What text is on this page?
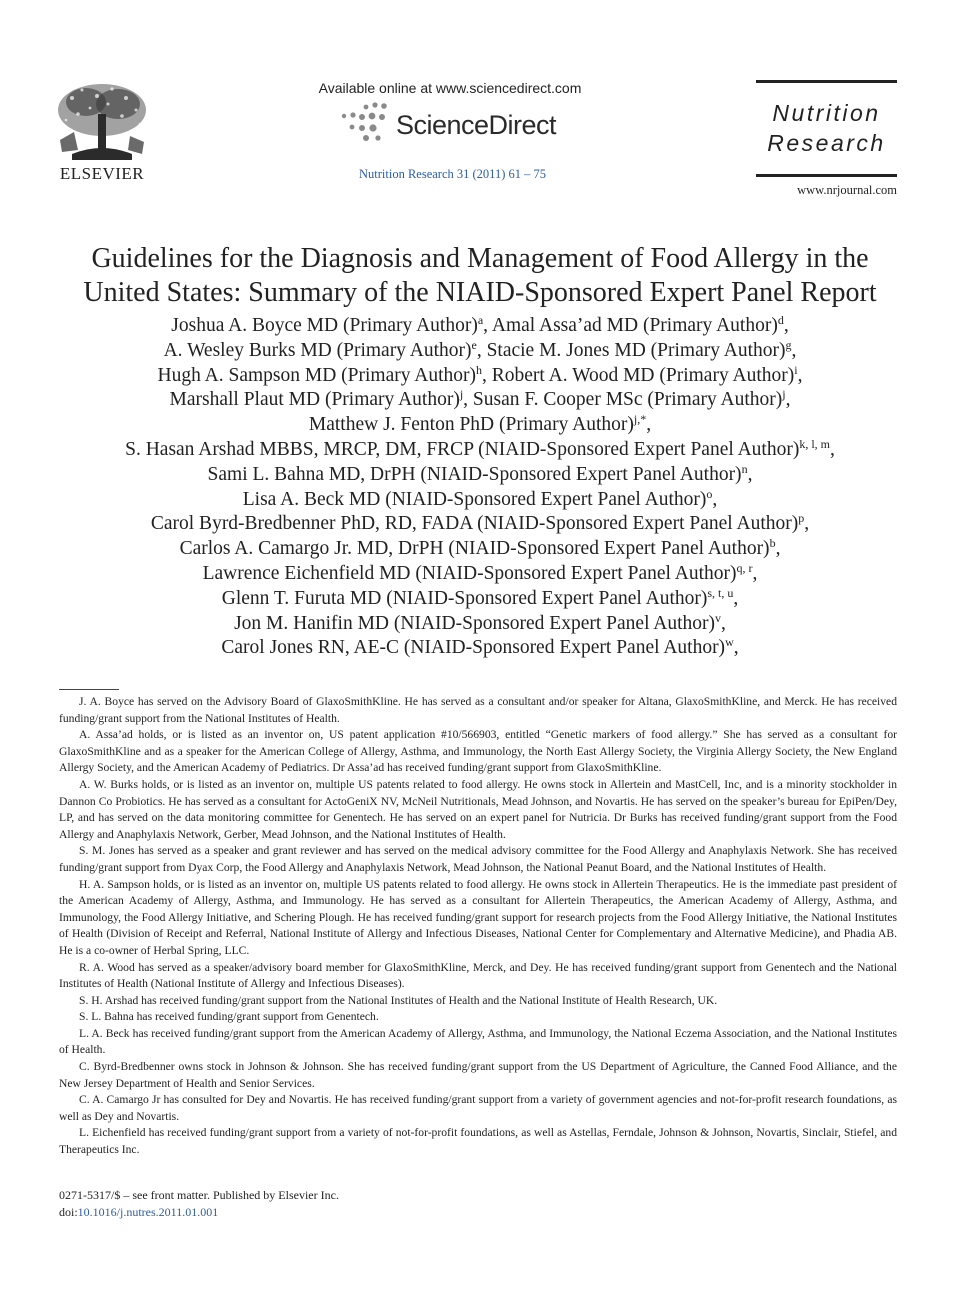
ELSEVIER
Available online at www.sciencedirect.com
ScienceDirect
Nutrition Research 31 (2011) 61 – 75
Nutrition
Research
www.nrjournal.com
Guidelines for the Diagnosis and Management of Food Allergy in the
United States: Summary of the NIAID-Sponsored Expert Panel Report
Joshua A. Boyce MD (Primary Author)$^a$, Amal Assa’ad MD (Primary Author)$^d$,
A. Wesley Burks MD (Primary Author)$^e$, Stacie M. Jones MD (Primary Author)$^g$,
Hugh A. Sampson MD (Primary Author)$^h$, Robert A. Wood MD (Primary Author)$^i$,
Marshall Plaut MD (Primary Author)$^j$, Susan F. Cooper MSc (Primary Author)$^j$,
Matthew J. Fenton PhD (Primary Author)$^{j,*}$,
S. Hasan Arshad MBBS, MRCP, DM, FRCP (NIAID-Sponsored Expert Panel Author)$^{k, l, m}$,
Sami L. Bahna MD, DrPH (NIAID-Sponsored Expert Panel Author)$^n$,
Lisa A. Beck MD (NIAID-Sponsored Expert Panel Author)$^o$,
Carol Byrd-Bredbenner PhD, RD, FADA (NIAID-Sponsored Expert Panel Author)$^p$,
Carlos A. Camargo Jr. MD, DrPH (NIAID-Sponsored Expert Panel Author)$^b$,
Lawrence Eichenfield MD (NIAID-Sponsored Expert Panel Author)$^{q, r}$,
Glenn T. Furuta MD (NIAID-Sponsored Expert Panel Author)$^{s, t, u}$,
Jon M. Hanifin MD (NIAID-Sponsored Expert Panel Author)$^v$,
Carol Jones RN, AE-C (NIAID-Sponsored Expert Panel Author)$^w$,

J. A. Boyce has served on the Advisory Board of GlaxoSmithKline. He has served as a consultant and/or speaker for Altana, GlaxoSmithKline, and Merck. He has received funding/grant support from the National Institutes of Health.

A. Assa’ad holds, or is listed as an inventor on, US patent application #10/566903, entitled “Genetic markers of food allergy.” She has served as a consultant for GlaxoSmithKline and as a speaker for the American College of Allergy, Asthma, and Immunology, the North East Allergy Society, the Virginia Allergy Society, the New England Allergy Society, and the American Academy of Pediatrics. Dr Assa’ad has received funding/grant support from GlaxoSmithKline.

A. W. Burks holds, or is listed as an inventor on, multiple US patents related to food allergy. He owns stock in Allertein and MastCell, Inc, and is a minority stockholder in Dannon Co Probiotics. He has served as a consultant for ActoGeniX NV, McNeil Nutritionals, Mead Johnson, and Novartis. He has served on the speaker’s bureau for EpiPen/Dey, LP, and has served on the data monitoring committee for Genentech. He has served on an expert panel for Nutricia. Dr Burks has received funding/grant support from the Food Allergy and Anaphylaxis Network, Gerber, Mead Johnson, and the National Institutes of Health.

S. M. Jones has served as a speaker and grant reviewer and has served on the medical advisory committee for the Food Allergy and Anaphylaxis Network. She has received funding/grant support from Dyax Corp, the Food Allergy and Anaphylaxis Network, Mead Johnson, the National Peanut Board, and the National Institutes of Health.

H. A. Sampson holds, or is listed as an inventor on, multiple US patents related to food allergy. He owns stock in Allertein Therapeutics. He is the immediate past president of the American Academy of Allergy, Asthma, and Immunology. He has served as a consultant for Allertein Therapeutics, the American Academy of Allergy, Asthma, and Immunology, the Food Allergy Initiative, and Schering Plough. He has received funding/grant support for research projects from the Food Allergy Initiative, the National Institutes of Health (Division of Receipt and Referral, National Institute of Allergy and Infectious Diseases, National Center for Complementary and Alternative Medicine), and Phadia AB. He is a co-owner of Herbal Spring, LLC.

R. A. Wood has served as a speaker/advisory board member for GlaxoSmithKline, Merck, and Dey. He has received funding/grant support from Genentech and the National Institutes of Health (National Institute of Allergy and Infectious Diseases).

S. H. Arshad has received funding/grant support from the National Institutes of Health and the National Institute of Health Research, UK.

S. L. Bahna has received funding/grant support from Genentech.

L. A. Beck has received funding/grant support from the American Academy of Allergy, Asthma, and Immunology, the National Eczema Association, and the National Institutes of Health.

C. Byrd-Bredbenner owns stock in Johnson & Johnson. She has received funding/grant support from the US Department of Agriculture, the Canned Food Alliance, and the New Jersey Department of Health and Senior Services.

C. A. Camargo Jr has consulted for Dey and Novartis. He has received funding/grant support from a variety of government agencies and not-for-profit research foundations, as well as Dey and Novartis.

L. Eichenfield has received funding/grant support from a variety of not-for-profit foundations, as well as Astellas, Ferndale, Johnson & Johnson, Novartis, Sinclair, Stiefel, and Therapeutics Inc.

0271-5317/$ – see front matter. Published by Elsevier Inc.
doi:10.1016/j.nutres.2011.01.001
